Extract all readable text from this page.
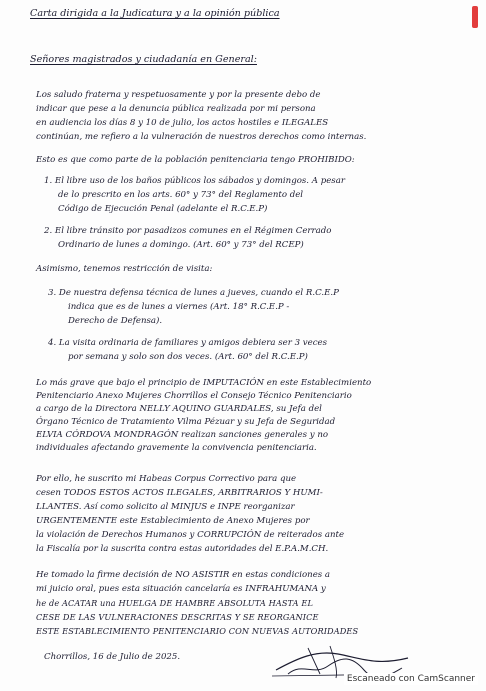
Carta dirigida a la Judicatura y a la opinión pública
Señores magistrados y ciudadanía en General:
Los saludo fraterna y respetuosamente y por la presente debo de
indicar que pese a la denuncia pública realizada por mi persona
en audiencia los días 8 y 10 de julio, los actos hostiles e ILEGALES
continúan, me refiero a la vulneración de nuestros derechos como internas.
Esto es que como parte de la población penitenciaria tengo PROHIBIDO:
1. El libre uso de los baños públicos los sábados y domingos. A pesar
de lo prescrito en los arts. 60° y 73° del Reglamento del
Código de Ejecución Penal (adelante el R.C.E.P)
2. El libre tránsito por pasadizos comunes en el Régimen Cerrado
Ordinario de lunes a domingo. (Art. 60° y 73° del RCEP)
Asimismo, tenemos restricción de visita:
3. De nuestra defensa técnica de lunes a jueves, cuando el R.C.E.P
indica que es de lunes a viernes (Art. 18° R.C.E.P -
Derecho de Defensa).
4. La visita ordinaria de familiares y amigos debiera ser 3 veces
por semana y solo son dos veces. (Art. 60° del R.C.E.P)
Lo más grave que bajo el principio de IMPUTACIÓN en este Establecimiento
Penitenciario Anexo Mujeres Chorrillos el Consejo Técnico Penitenciario
a cargo de la Directora NELLY AQUINO GUARDALES, su Jefa del
Órgano Técnico de Tratamiento Vilma Pézuar y su Jefa de Seguridad
ELVIA CÓRDOVA MONDRAGÓN realizan sanciones generales y no
individuales afectando gravemente la convivencia penitenciaria.
Por ello, he suscrito mi Habeas Corpus Correctivo para que
cesen TODOS ESTOS ACTOS ILEGALES, ARBITRARIOS Y HUMI-
LLANTES. Así como solicito al MINJUS e INPE reorganizar
URGENTEMENTE este Establecimiento de Anexo Mujeres por
la violación de Derechos Humanos y CORRUPCIÓN de reiterados ante
la Fiscalía por la suscrita contra estas autoridades del E.P.A.M.CH.
He tomado la firme decisión de NO ASISTIR en estas condiciones a
mi juicio oral, pues esta situación cancelaría es INFRAHUMANA y
he de ACATAR una HUELGA DE HAMBRE ABSOLUTA HASTA EL
CESE DE LAS VULNERACIONES DESCRITAS Y SE REORGANICE
ESTE ESTABLECIMIENTO PENITENCIARIO CON NUEVAS AUTORIDADES
Chorrillos, 16 de Julio de 2025.
Escaneado con CamScanner
